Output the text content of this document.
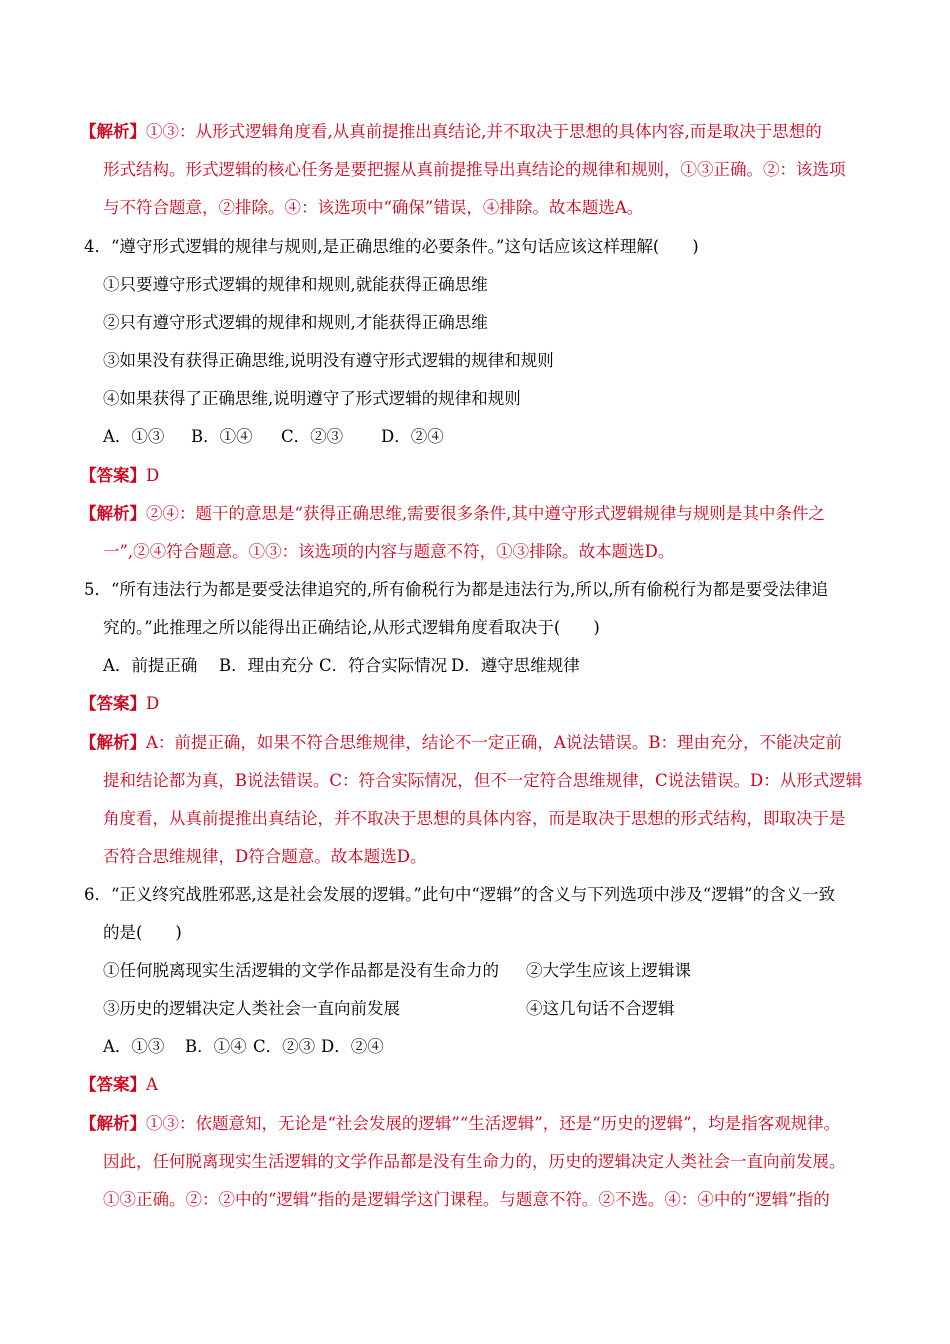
【解析】①③：从形式逻辑角度看,从真前提推出真结论,并不取决于思想的具体内容,而是取决于思想的
形式结构。形式逻辑的核心任务是要把握从真前提推导出真结论的规律和规则，①③正确。②：该选项
与不符合题意，②排除。④：该选项中“确保”错误，④排除。故本题选A。
4．“遵守形式逻辑的规律与规则,是正确思维的必要条件。”这句话应该这样理解(　　)
①只要遵守形式逻辑的规律和规则,就能获得正确思维
②只有遵守形式逻辑的规律和规则,才能获得正确思维
③如果没有获得正确思维,说明没有遵守形式逻辑的规律和规则
④如果获得了正确思维,说明遵守了形式逻辑的规律和规则
A．①③ B．①④ C．②③ D．②④
【答案】D
【解析】②④：题干的意思是“获得正确思维,需要很多条件,其中遵守形式逻辑规律与规则是其中条件之
一”,②④符合题意。①③：该选项的内容与题意不符，①③排除。故本题选D。
5．“所有违法行为都是要受法律追究的,所有偷税行为都是违法行为,所以,所有偷税行为都是要受法律追
究的。”此推理之所以能得出正确结论,从形式逻辑角度看取决于(　　)
A．前提正确 B．理由充分 C．符合实际情况 D．遵守思维规律
【答案】D
【解析】A：前提正确，如果不符合思维规律，结论不一定正确，A说法错误。B：理由充分，不能决定前
提和结论都为真，B说法错误。C：符合实际情况，但不一定符合思维规律，C说法错误。D：从形式逻辑
角度看，从真前提推出真结论，并不取决于思想的具体内容，而是取决于思想的形式结构，即取决于是
否符合思维规律，D符合题意。故本题选D。
6．“正义终究战胜邪恶,这是社会发展的逻辑。”此句中“逻辑”的含义与下列选项中涉及“逻辑”的含义一致
的是(　　)
①任何脱离现实生活逻辑的文学作品都是没有生命力的 ②大学生应该上逻辑课
③历史的逻辑决定人类社会一直向前发展	④这几句话不合逻辑
A．①③ B．①④ C．②③ D．②④
【答案】A
【解析】①③：依题意知，无论是“社会发展的逻辑”“生活逻辑”，还是“历史的逻辑”，均是指客观规律。
因此，任何脱离现实生活逻辑的文学作品都是没有生命力的，历史的逻辑决定人类社会一直向前发展。
①③正确。②：②中的“逻辑”指的是逻辑学这门课程。与题意不符。②不选。④：④中的“逻辑”指的
